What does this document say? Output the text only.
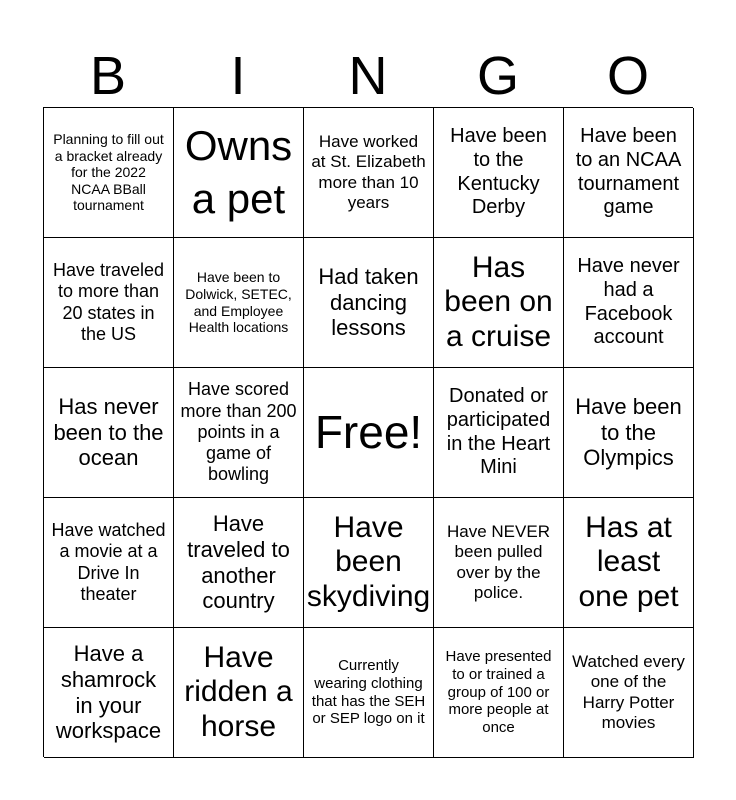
B	I	N	G	O
Planning to fill out a bracket already for the 2022 NCAA BBall tournament
Owns a pet
Have worked at St. Elizabeth more than 10 years
Have been to the Kentucky Derby
Have been to an NCAA tournament game
Have traveled to more than 20 states in the US
Have been to Dolwick, SETEC, and Employee Health locations
Had taken dancing lessons
Has been on a cruise
Have never had a Facebook account
Has never been to the ocean
Have scored more than 200 points in a game of bowling
Free!
Donated or participated in the Heart Mini
Have been to the Olympics
Have watched a movie at a Drive In theater
Have traveled to another country
Have been skydiving
Have NEVER been pulled over by the police.
Has at least one pet
Have a shamrock in your workspace
Have ridden a horse
Currently wearing clothing that has the SEH or SEP logo on it
Have presented to or trained a group of 100 or more people at once
Watched every one of the Harry Potter movies
